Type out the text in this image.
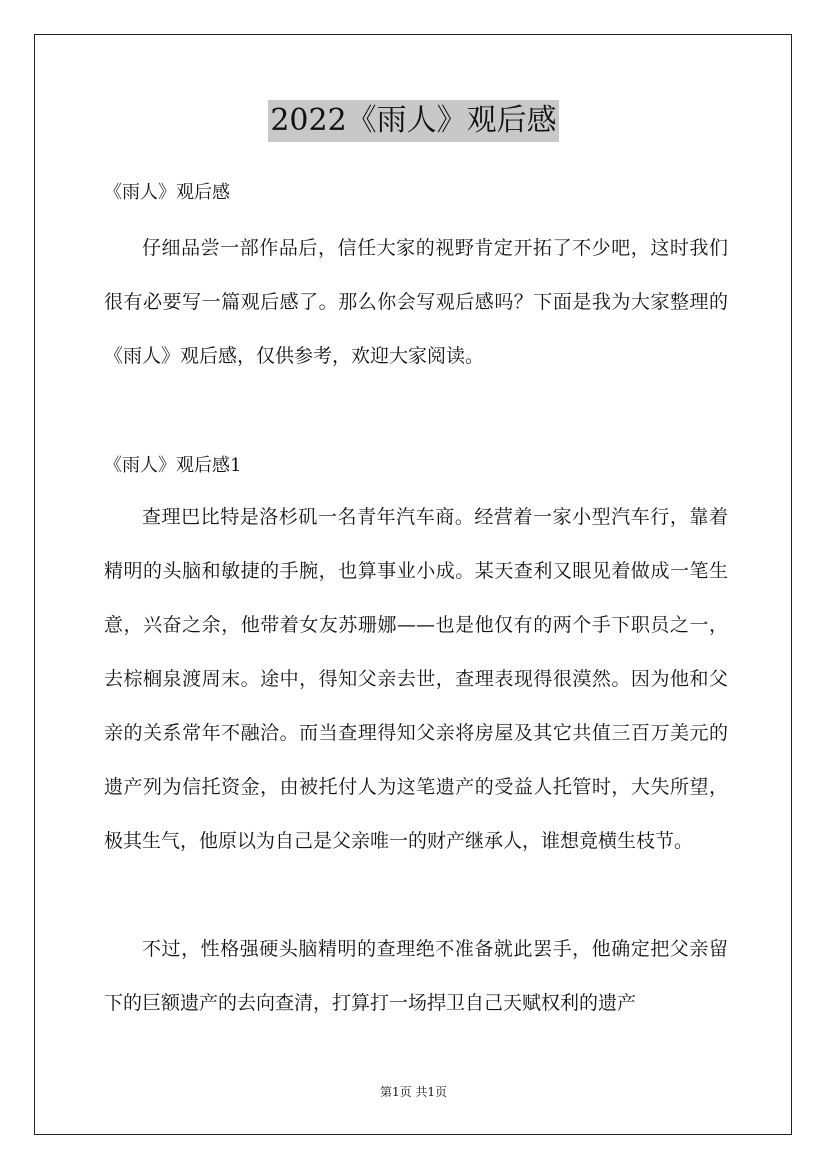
2022《雨人》观后感
《雨人》观后感

仔细品尝一部作品后，信任大家的视野肯定开拓了不少吧，这时我们很有必要写一篇观后感了。那么你会写观后感吗？下面是我为大家整理的《雨人》观后感，仅供参考，欢迎大家阅读。

《雨人》观后感1

查理巴比特是洛杉矶一名青年汽车商。经营着一家小型汽车行，靠着精明的头脑和敏捷的手腕，也算事业小成。某天查利又眼见着做成一笔生意，兴奋之余，他带着女友苏珊娜——也是他仅有的两个手下职员之一，去棕榈泉渡周末。途中，得知父亲去世，查理表现得很漠然。因为他和父亲的关系常年不融洽。而当查理得知父亲将房屋及其它共值三百万美元的遗产列为信托资金，由被托付人为这笔遗产的受益人托管时，大失所望，极其生气，他原以为自己是父亲唯一的财产继承人，谁想竟横生枝节。

不过，性格强硬头脑精明的查理绝不准备就此罢手，他确定把父亲留下的巨额遗产的去向查清，打算打一场捍卫自己天赋权利的遗产

第1页 共1页
